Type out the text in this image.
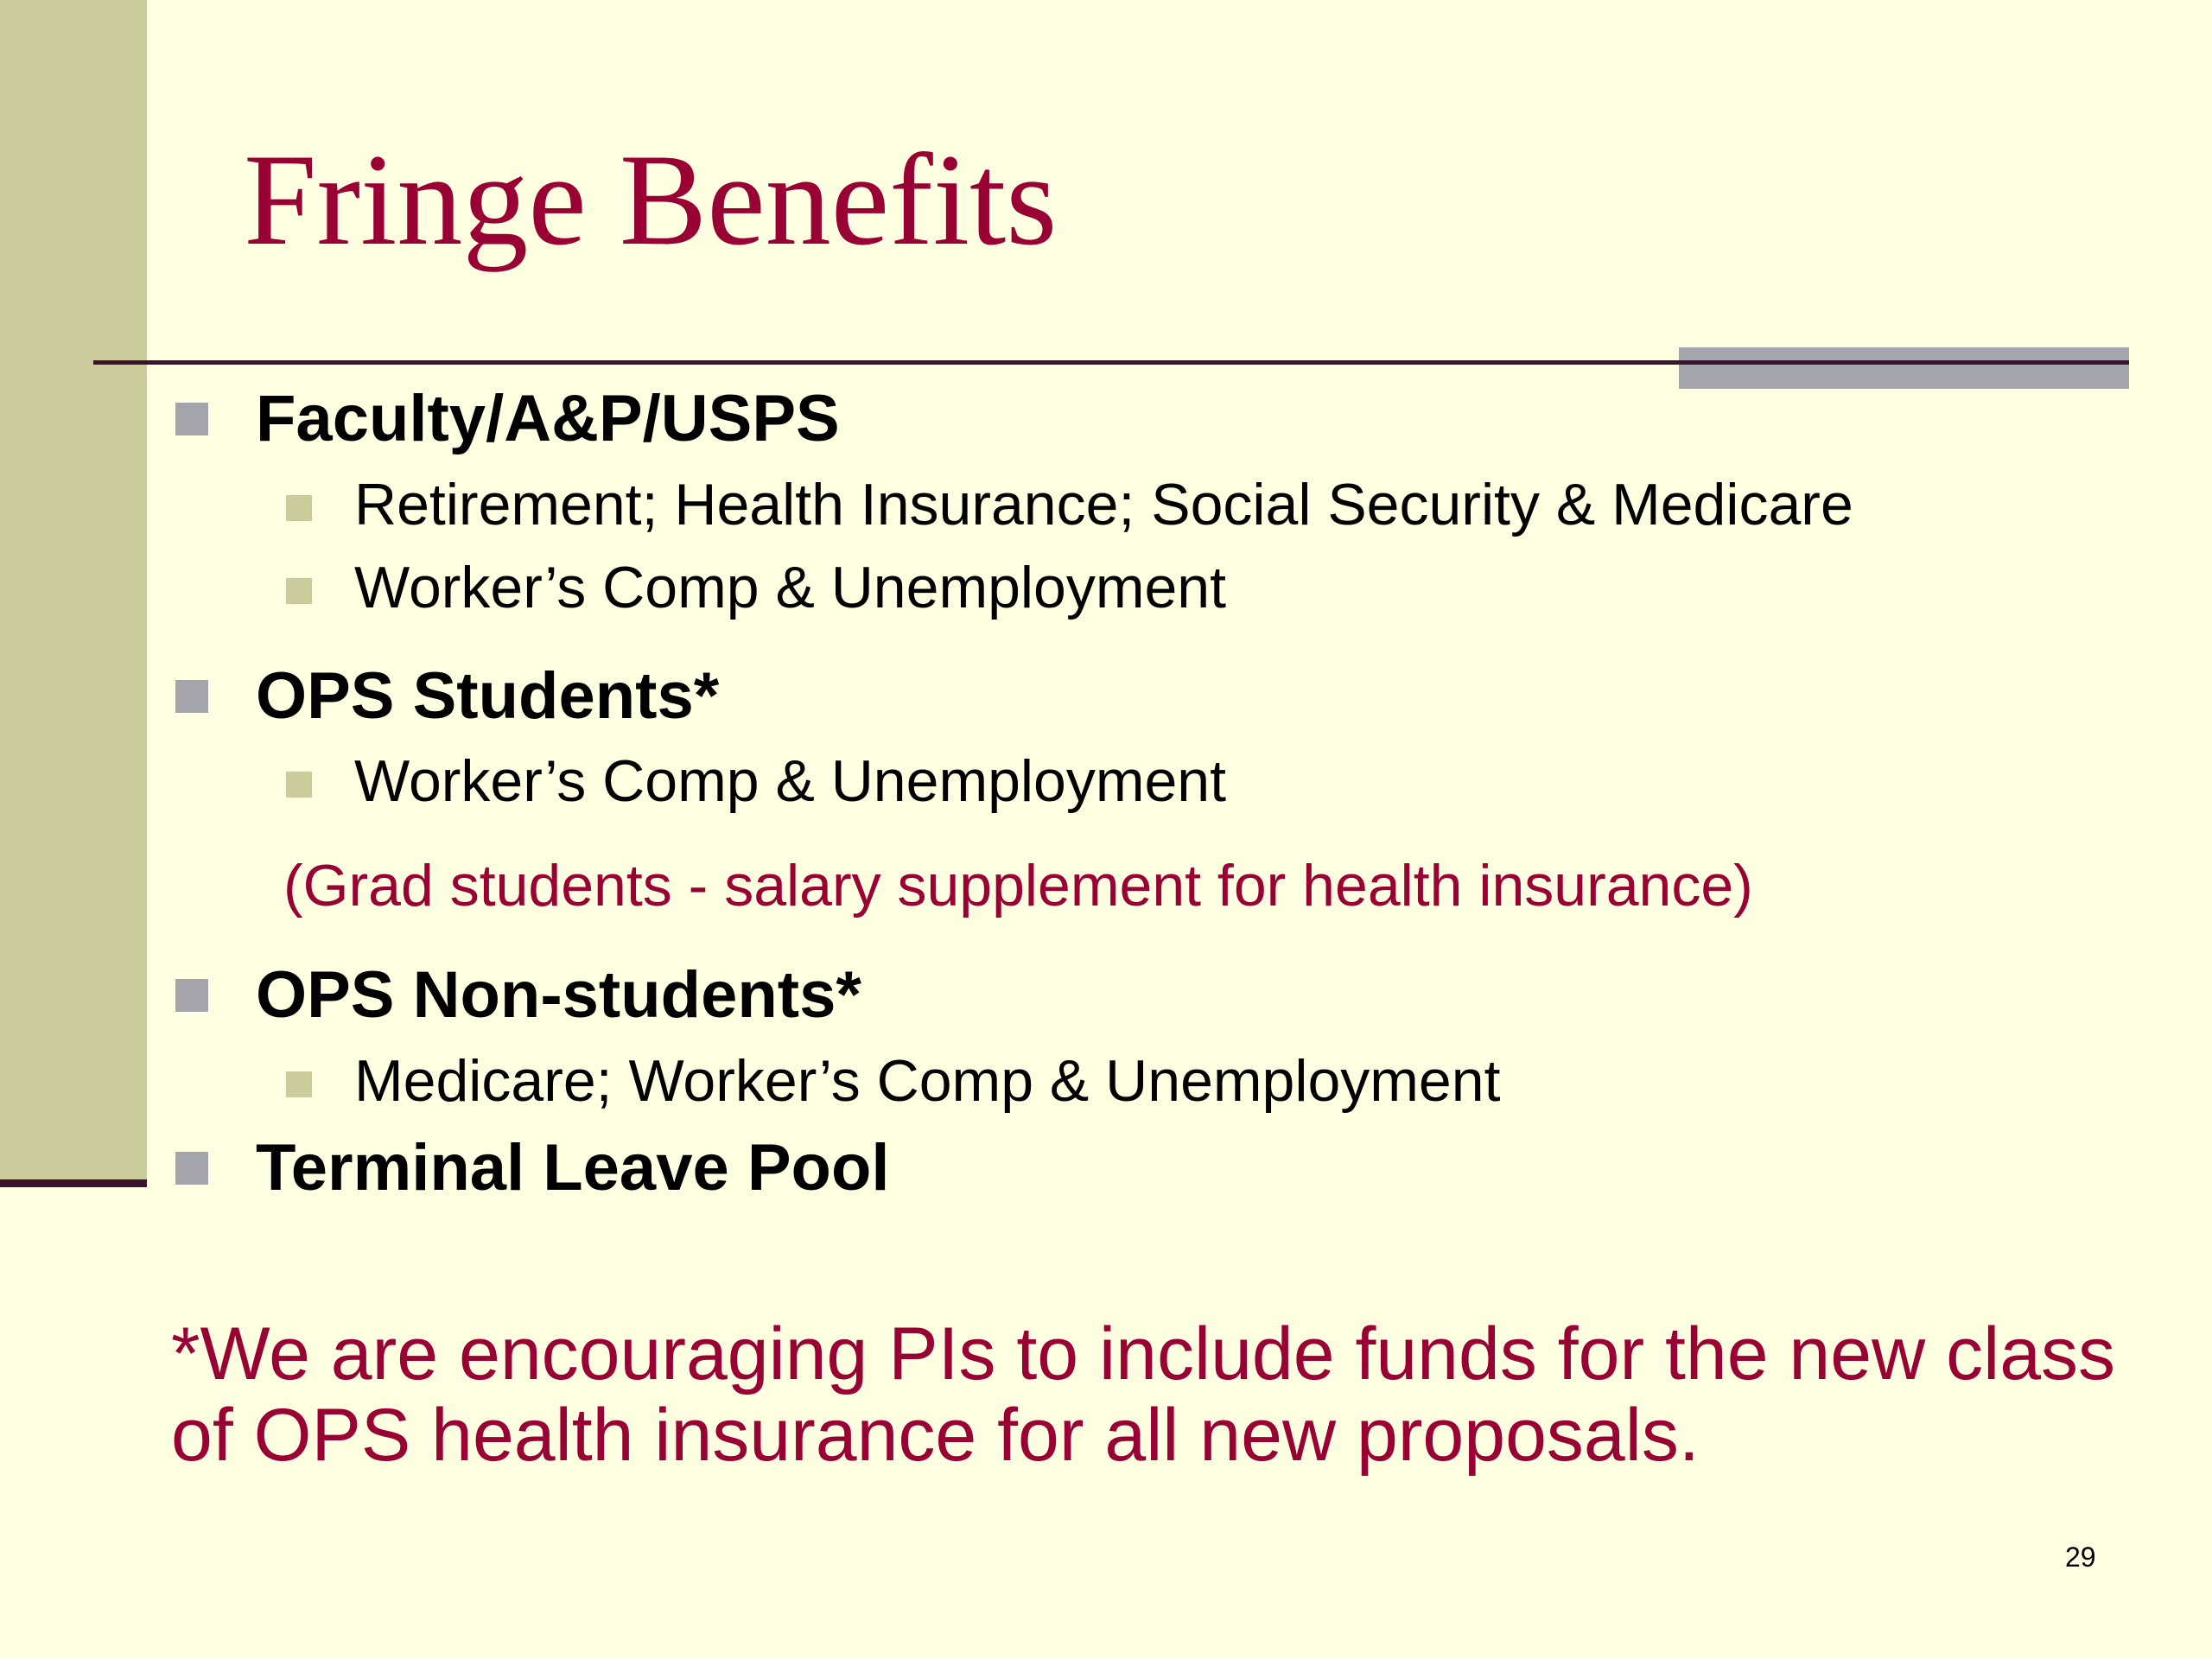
Fringe Benefits
Faculty/A&P/USPS
Retirement; Health Insurance; Social Security & Medicare
Worker’s Comp & Unemployment
OPS Students*
Worker’s Comp & Unemployment
(Grad students - salary supplement for health insurance)
OPS Non-students*
Medicare; Worker’s Comp & Unemployment
Terminal Leave Pool

*We are encouraging PIs to include funds for the new class of OPS health insurance for all new proposals.

29
